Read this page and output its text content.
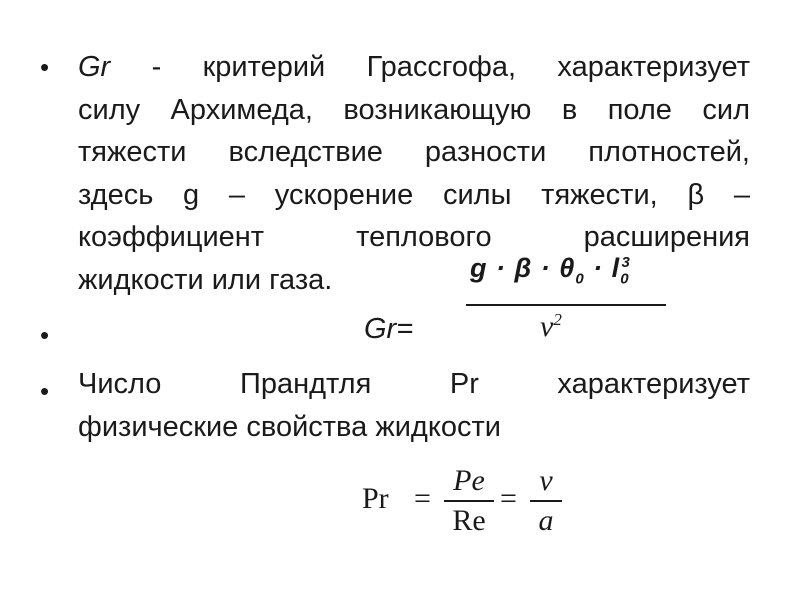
• Gr - критерий Грассгофа, характеризует
силу Архимеда, возникающую в поле сил
тяжести вследствие разности плотностей,
здесь g – ускорение силы тяжести, β –
коэффициент теплового расширения
жидкости или газа.
•	Gr=
$g \cdot \beta \cdot \theta_0 \cdot l_0^3$
$\nu^2$
• Число Прандтля Pr характеризует
физические свойства жидкости
$Pr = \frac{Pe}{Re} = \frac{\nu}{a}$
